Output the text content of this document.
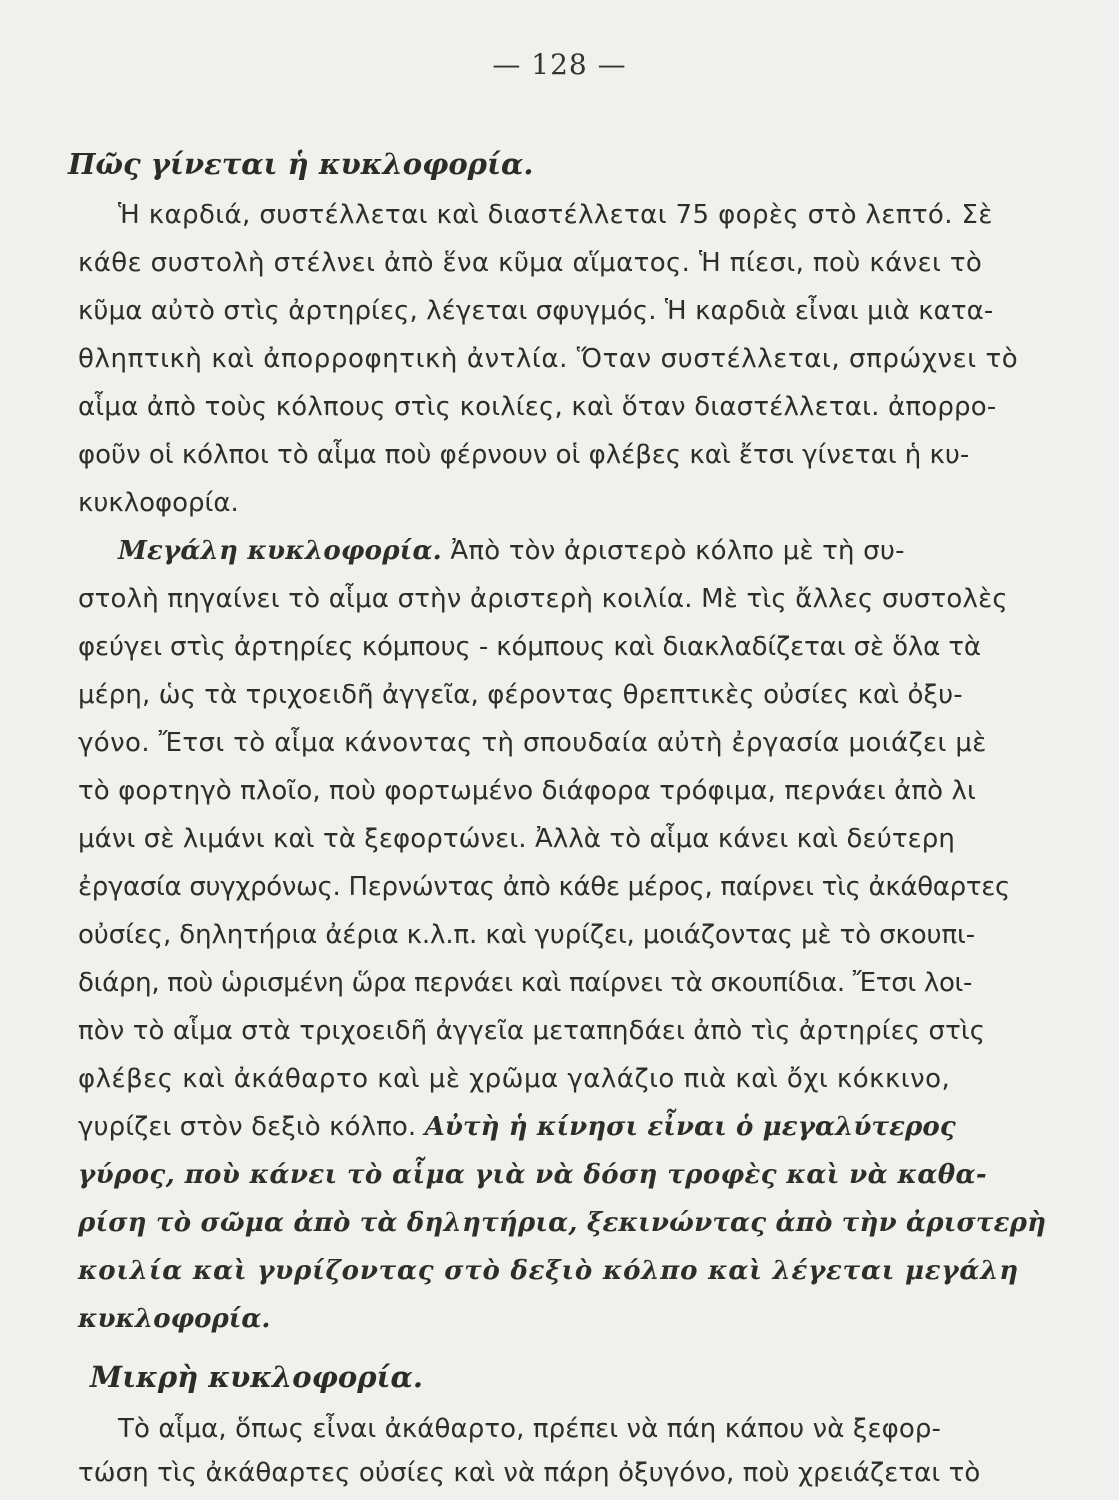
— 128 —
Πῶς γίνεται ἡ κυκλοφορία.
Ἡ καρδιά, συστέλλεται καὶ διαστέλλεται 75 φορὲς στὸ λεπτό. Σὲ
κάθε συστολὴ στέλνει ἀπὸ ἕνα κῦμα αἵματος. Ἡ πίεσι, ποὺ κάνει τὸ
κῦμα αὐτὸ στὶς ἀρτηρίες, λέγεται σφυγμός. Ἡ καρδιὰ εἶναι μιὰ κατα-
θληπτικὴ καὶ ἀπορροφητικὴ ἀντλία. Ὅταν συστέλλεται, σπρώχνει τὸ
αἷμα ἀπὸ τοὺς κόλπους στὶς κοιλίες, καὶ ὅταν διαστέλλεται. ἀπορρο-
φοῦν οἱ κόλποι τὸ αἷμα ποὺ φέρνουν οἱ φλέβες καὶ ἔτσι γίνεται ἡ κυ-
κυκλοφορία.
Μεγάλη κυκλοφορία. Ἀπὸ τὸν ἀριστερὸ κόλπο μὲ τὴ συ-
στολὴ πηγαίνει τὸ αἷμα στὴν ἀριστερὴ κοιλία. Μὲ τὶς ἄλλες συστολὲς
φεύγει στὶς ἀρτηρίες κόμπους - κόμπους καὶ διακλαδίζεται σὲ ὅλα τὰ
μέρη, ὡς τὰ τριχοειδῆ ἀγγεῖα, φέροντας θρεπτικὲς οὐσίες καὶ ὀξυ-
γόνο. Ἔτσι τὸ αἷμα κάνοντας τὴ σπουδαία αὐτὴ ἐργασία μοιάζει μὲ
τὸ φορτηγὸ πλοῖο, ποὺ φορτωμένο διάφορα τρόφιμα, περνάει ἀπὸ λι
μάνι σὲ λιμάνι καὶ τὰ ξεφορτώνει. Ἀλλὰ τὸ αἷμα κάνει καὶ δεύτερη
ἐργασία συγχρόνως. Περνώντας ἀπὸ κάθε μέρος, παίρνει τὶς ἀκάθαρτες
οὐσίες, δηλητήρια ἀέρια κ.λ.π. καὶ γυρίζει, μοιάζοντας μὲ τὸ σκουπι-
διάρη, ποὺ ὡρισμένη ὥρα περνάει καὶ παίρνει τὰ σκουπίδια. Ἔτσι λοι-
πὸν τὸ αἷμα στὰ τριχοειδῆ ἀγγεῖα μεταπηδάει ἀπὸ τὶς ἀρτηρίες στὶς
φλέβες καὶ ἀκάθαρτο καὶ μὲ χρῶμα γαλάζιο πιὰ καὶ ὄχι κόκκινο,
γυρίζει στὸν δεξιὸ κόλπο. Αὐτὴ ἡ κίνησι εἶναι ὁ μεγαλύτερος
γύρος, ποὺ κάνει τὸ αἷμα γιὰ νὰ δόση τροφὲς καὶ νὰ καθα-
ρίση τὸ σῶμα ἀπὸ τὰ δηλητήρια, ξεκινώντας ἀπὸ τὴν ἀριστερὴ
κοιλία καὶ γυρίζοντας στὸ δεξιὸ κόλπο καὶ λέγεται μεγάλη
κυκλοφορία.
Μικρὴ κυκλοφορία.
Τὸ αἷμα, ὅπως εἶναι ἀκάθαρτο, πρέπει νὰ πάη κάπου νὰ ξεφορ-
τώση τὶς ἀκάθαρτες οὐσίες καὶ νὰ πάρη ὀξυγόνο, ποὺ χρειάζεται τὸ
